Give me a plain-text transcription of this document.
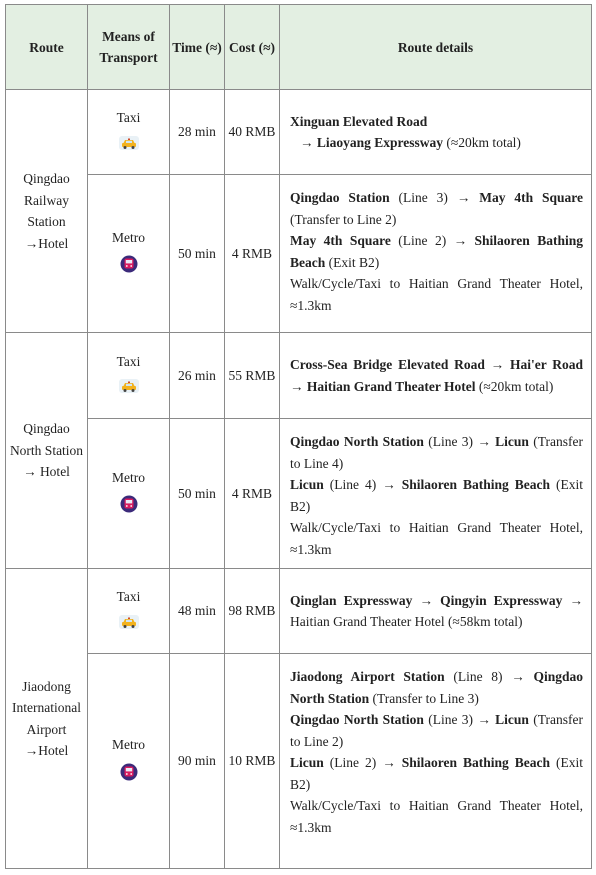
Route	Means of Transport	Time (≈)	Cost (≈)	Route details
Qingdao Railway Station →Hotel	Taxi	28 min	40 RMB	Xinguan Elevated Road

→ Liaoyang Expressway (≈20km total)

	Metro	50 min	4 RMB	Qingdao Station (Line 3) → May 4th Square (Transfer to Line 2)

May 4th Square (Line 2) → Shilaoren Bathing Beach (Exit B2)

Walk/Cycle/Taxi to Haitian Grand Theater Hotel, ≈1.3km

Qingdao North Station → Hotel	Taxi	26 min	55 RMB	Cross-Sea Bridge Elevated Road → Hai'er Road → Haitian Grand Theater Hotel (≈20km total)

	Metro	50 min	4 RMB	Qingdao North Station (Line 3) → Licun (Transfer to Line 4)

Licun (Line 4) → Shilaoren Bathing Beach (Exit B2)

Walk/Cycle/Taxi to Haitian Grand Theater Hotel, ≈1.3km

Jiaodong International Airport →Hotel	Taxi	48 min	98 RMB	Qinglan Expressway → Qingyin Expressway → Haitian Grand Theater Hotel (≈58km total)

	Metro	90 min	10 RMB	Jiaodong Airport Station (Line 8) → Qingdao North Station (Transfer to Line 3)

Qingdao North Station (Line 3) → Licun (Transfer to Line 2)

Licun (Line 2) → Shilaoren Bathing Beach (Exit B2)

Walk/Cycle/Taxi to Haitian Grand Theater Hotel, ≈1.3km
